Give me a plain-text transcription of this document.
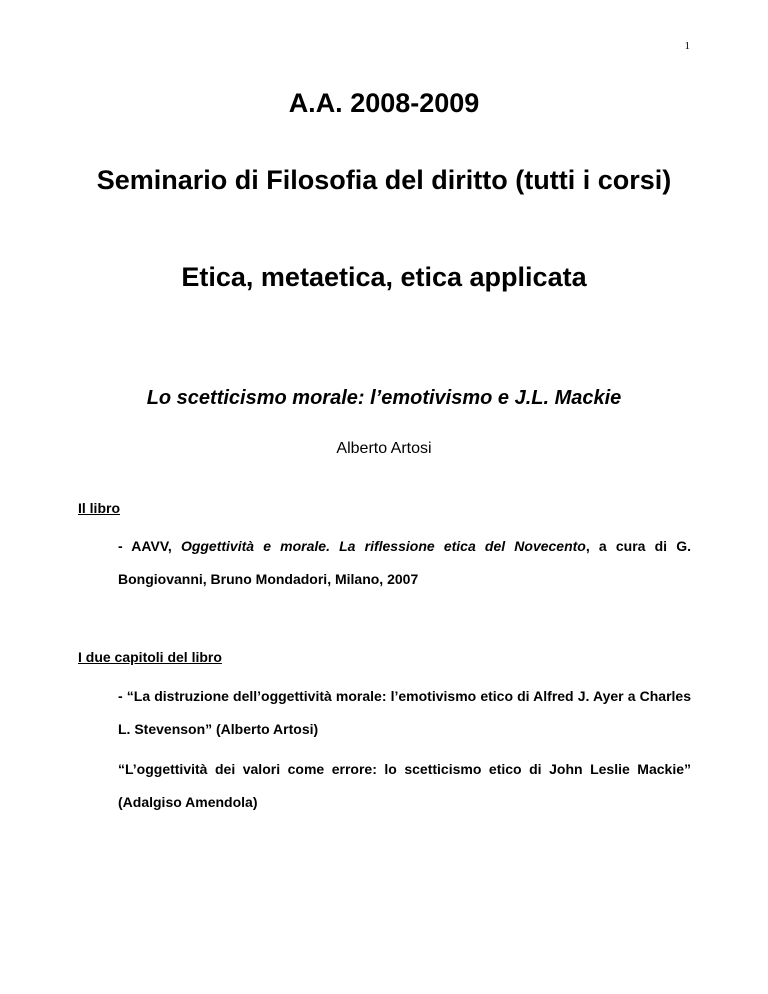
1
A.A. 2008-2009
Seminario di Filosofia del diritto (tutti i corsi)
Etica, metaetica, etica applicata
Lo scetticismo morale: l’emotivismo e J.L. Mackie
Alberto Artosi
Il libro
- AAVV, Oggettività e morale. La riflessione etica del Novecento, a cura di G. Bongiovanni, Bruno Mondadori, Milano, 2007
I due capitoli del libro
- “La distruzione dell’oggettività morale: l’emotivismo etico di Alfred J. Ayer a Charles L. Stevenson” (Alberto Artosi)
“L’oggettività dei valori come errore: lo scetticismo etico di John Leslie Mackie” (Adalgiso Amendola)
